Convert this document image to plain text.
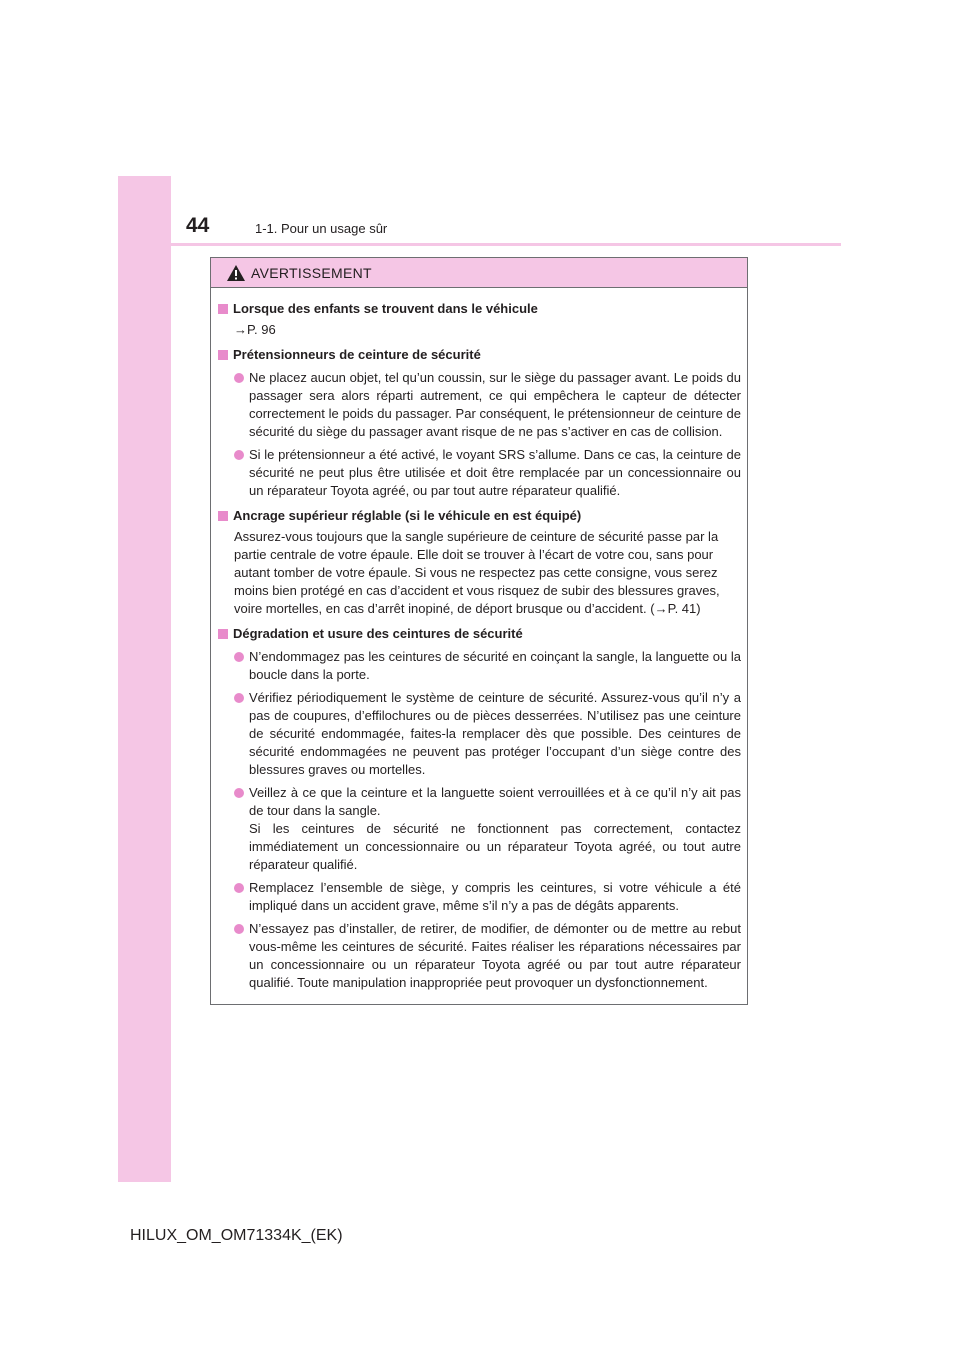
44	1-1. Pour un usage sûr
AVERTISSEMENT
Lorsque des enfants se trouvent dans le véhicule
→P. 96
Prétensionneurs de ceinture de sécurité
Ne placez aucun objet, tel qu’un coussin, sur le siège du passager avant. Le poids du passager sera alors réparti autrement, ce qui empêchera le capteur de détecter correctement le poids du passager. Par conséquent, le prétensionneur de ceinture de sécurité du siège du passager avant risque de ne pas s’activer en cas de collision.
Si le prétensionneur a été activé, le voyant SRS s’allume. Dans ce cas, la ceinture de sécurité ne peut plus être utilisée et doit être remplacée par un concessionnaire ou un réparateur Toyota agréé, ou par tout autre réparateur qualifié.
Ancrage supérieur réglable (si le véhicule en est équipé)
Assurez-vous toujours que la sangle supérieure de ceinture de sécurité passe par la partie centrale de votre épaule. Elle doit se trouver à l’écart de votre cou, sans pour autant tomber de votre épaule. Si vous ne respectez pas cette consigne, vous serez moins bien protégé en cas d’accident et vous risquez de subir des blessures graves, voire mortelles, en cas d’arrêt inopiné, de déport brusque ou d’accident. (→P. 41)
Dégradation et usure des ceintures de sécurité
N’endommagez pas les ceintures de sécurité en coinçant la sangle, la languette ou la boucle dans la porte.
Vérifiez périodiquement le système de ceinture de sécurité. Assurez-vous qu’il n’y a pas de coupures, d’effilochures ou de pièces desserrées. N’utilisez pas une ceinture de sécurité endommagée, faites-la remplacer dès que possible. Des ceintures de sécurité endommagées ne peuvent pas protéger l’occupant d’un siège contre des blessures graves ou mortelles.
Veillez à ce que la ceinture et la languette soient verrouillées et à ce qu’il n’y ait pas de tour dans la sangle.
Si les ceintures de sécurité ne fonctionnent pas correctement, contactez immédiatement un concessionnaire ou un réparateur Toyota agréé, ou tout autre réparateur qualifié.
Remplacez l’ensemble de siège, y compris les ceintures, si votre véhicule a été impliqué dans un accident grave, même s’il n’y a pas de dégâts apparents.
N’essayez pas d’installer, de retirer, de modifier, de démonter ou de mettre au rebut vous-même les ceintures de sécurité. Faites réaliser les réparations nécessaires par un concessionnaire ou un réparateur Toyota agréé ou par tout autre réparateur qualifié. Toute manipulation inappropriée peut provoquer un dysfonctionnement.
HILUX_OM_OM71334K_(EK)
